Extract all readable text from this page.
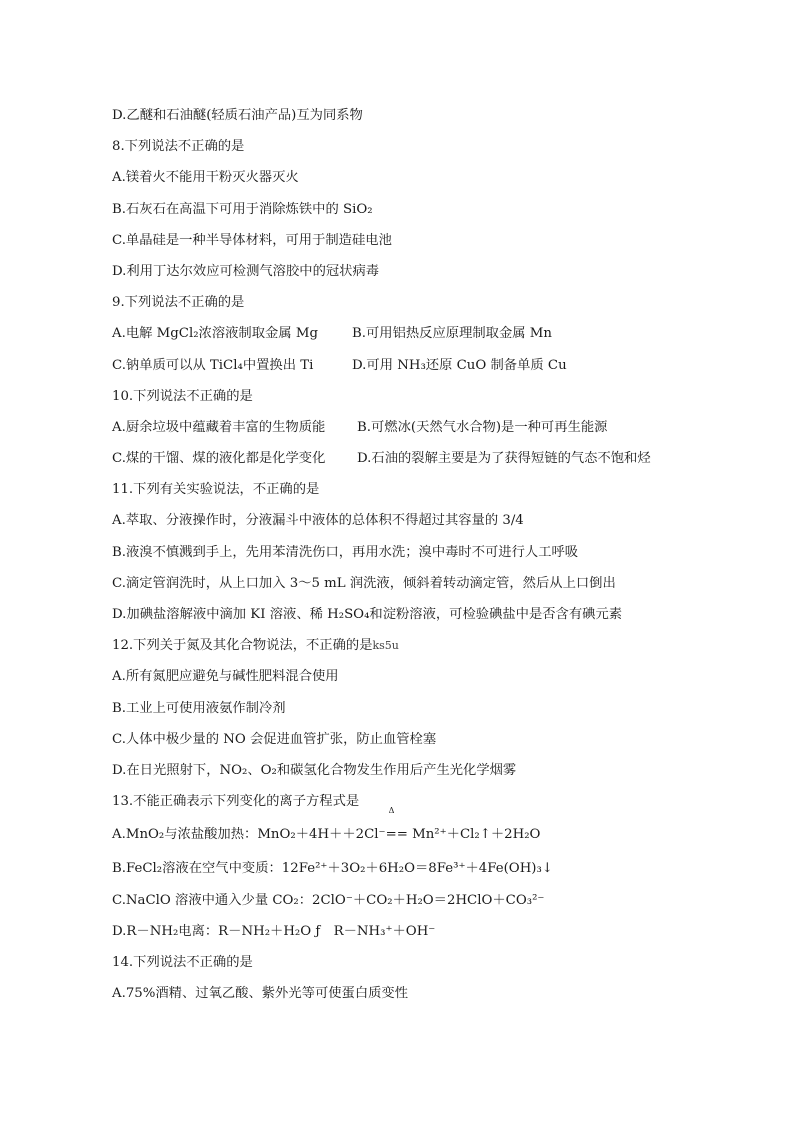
D.乙醚和石油醚(轻质石油产品)互为同系物
8.下列说法不正确的是
A.镁着火不能用干粉灭火器灭火
B.石灰石在高温下可用于消除炼铁中的 SiO₂
C.单晶硅是一种半导体材料，可用于制造硅电池
D.利用丁达尔效应可检测气溶胶中的冠状病毒
9.下列说法不正确的是
A.电解 MgCl₂浓溶液制取金属 Mg	B.可用铝热反应原理制取金属 Mn
C.钠单质可以从 TiCl₄中置换出 Ti	D.可用 NH₃还原 CuO 制备单质 Cu
10.下列说法不正确的是
A.厨余垃圾中蕴藏着丰富的生物质能	B.可燃冰(天然气水合物)是一种可再生能源
C.煤的干馏、煤的液化都是化学变化	D.石油的裂解主要是为了获得短链的气态不饱和烃
11.下列有关实验说法，不正确的是
A.萃取、分液操作时，分液漏斗中液体的总体积不得超过其容量的 3/4
B.液溴不慎溅到手上，先用苯清洗伤口，再用水洗；溴中毒时不可进行人工呼吸
C.滴定管润洗时，从上口加入 3～5 mL 润洗液，倾斜着转动滴定管，然后从上口倒出
D.加碘盐溶解液中滴加 KI 溶液、稀 H₂SO₄和淀粉溶液，可检验碘盐中是否含有碘元素
12.下列关于氮及其化合物说法，不正确的是ks5u
A.所有氮肥应避免与碱性肥料混合使用
B.工业上可使用液氨作制冷剂
C.人体中极少量的 NO 会促进血管扩张，防止血管栓塞
D.在日光照射下，NO₂、O₂和碳氢化合物发生作用后产生光化学烟雾
13.不能正确表示下列变化的离子方程式是
A.MnO₂与浓盐酸加热：MnO₂＋4H＋＋2Cl⁻
Δ
== Mn²⁺＋Cl₂↑＋2H₂O
B.FeCl₂溶液在空气中变质：12Fe²⁺＋3O₂＋6H₂O＝8Fe³⁺＋4Fe(OH)₃↓
C.NaClO 溶液中通入少量 CO₂：2ClO⁻＋CO₂＋H₂O＝2HClO＋CO₃²⁻
D.R－NH₂电离：R－NH₂＋H₂O ƒ　R－NH₃⁺＋OH⁻
14.下列说法不正确的是
A.75%酒精、过氧乙酸、紫外光等可使蛋白质变性
